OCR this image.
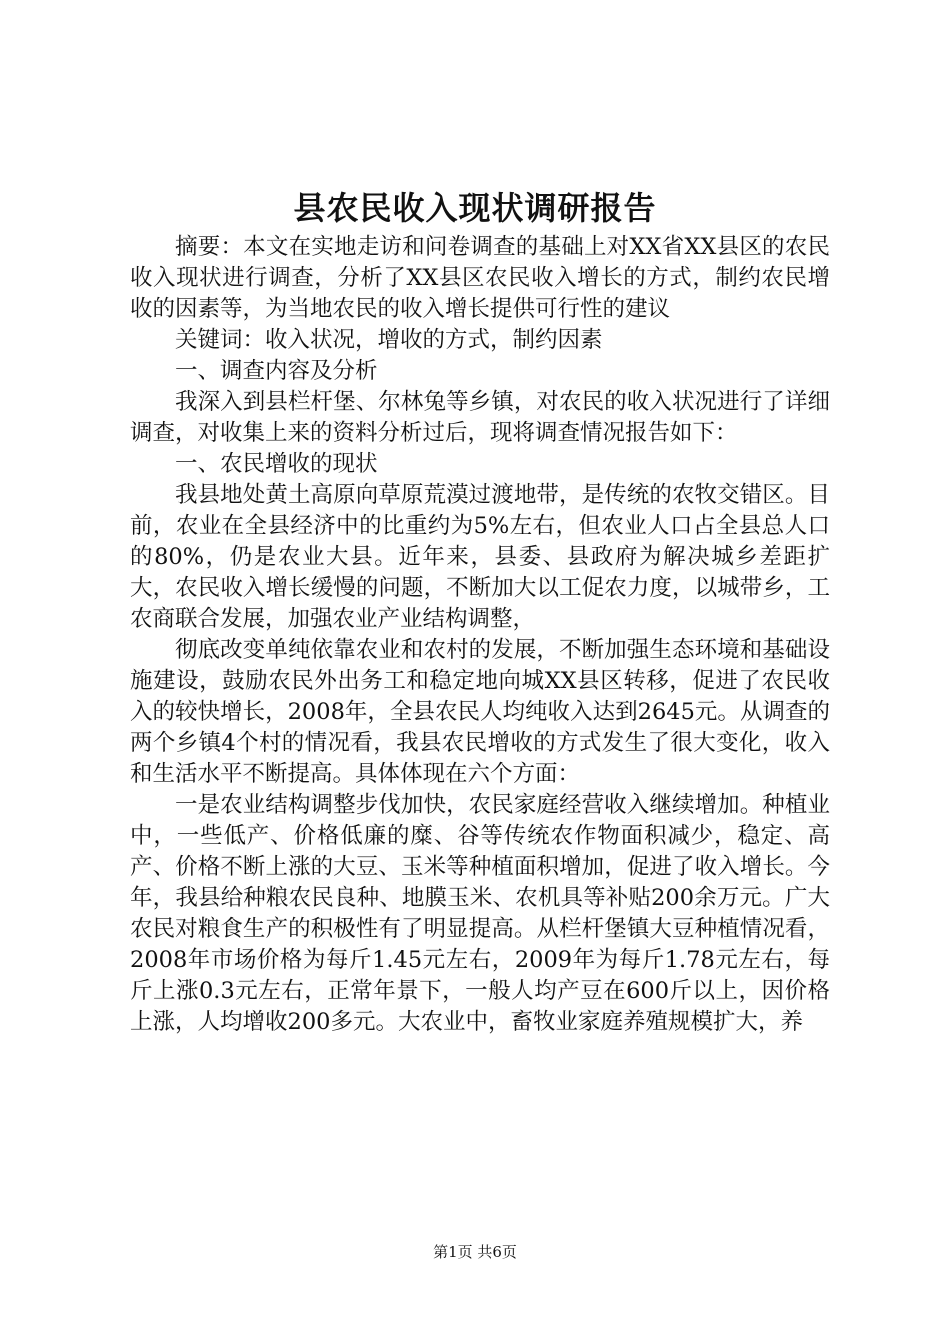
县农民收入现状调研报告

摘要：本文在实地走访和问卷调查的基础上对XX省XX县区的农民收入现状进行调查，分析了XX县区农民收入增长的方式，制约农民增收的因素等，为当地农民的收入增长提供可行性的建议

关键词：收入状况，增收的方式，制约因素

一、调查内容及分析

我深入到县栏杆堡、尔林兔等乡镇，对农民的收入状况进行了详细调查，对收集上来的资料分析过后，现将调查情况报告如下：

一、农民增收的现状

我县地处黄土高原向草原荒漠过渡地带，是传统的农牧交错区。目前，农业在全县经济中的比重约为5%左右，但农业人口占全县总人口的80%，仍是农业大县。近年来，县委、县政府为解决城乡差距扩大，农民收入增长缓慢的问题，不断加大以工促农力度，以城带乡，工农商联合发展，加强农业产业结构调整，

彻底改变单纯依靠农业和农村的发展，不断加强生态环境和基础设施建设，鼓励农民外出务工和稳定地向城XX县区转移，促进了农民收入的较快增长，2008年，全县农民人均纯收入达到2645元。从调查的两个乡镇4个村的情况看，我县农民增收的方式发生了很大变化，收入和生活水平不断提高。具体体现在六个方面：

一是农业结构调整步伐加快，农民家庭经营收入继续增加。种植业中，一些低产、价格低廉的糜、谷等传统农作物面积减少，稳定、高产、价格不断上涨的大豆、玉米等种植面积增加，促进了收入增长。今年，我县给种粮农民良种、地膜玉米、农机具等补贴200余万元。广大农民对粮食生产的积极性有了明显提高。从栏杆堡镇大豆种植情况看，2008年市场价格为每斤1.45元左右，2009年为每斤1.78元左右，每斤上涨0.3元左右，正常年景下，一般人均产豆在600斤以上，因价格上涨，人均增收200多元。大农业中，畜牧业家庭养殖规模扩大，养

第1页 共6页
